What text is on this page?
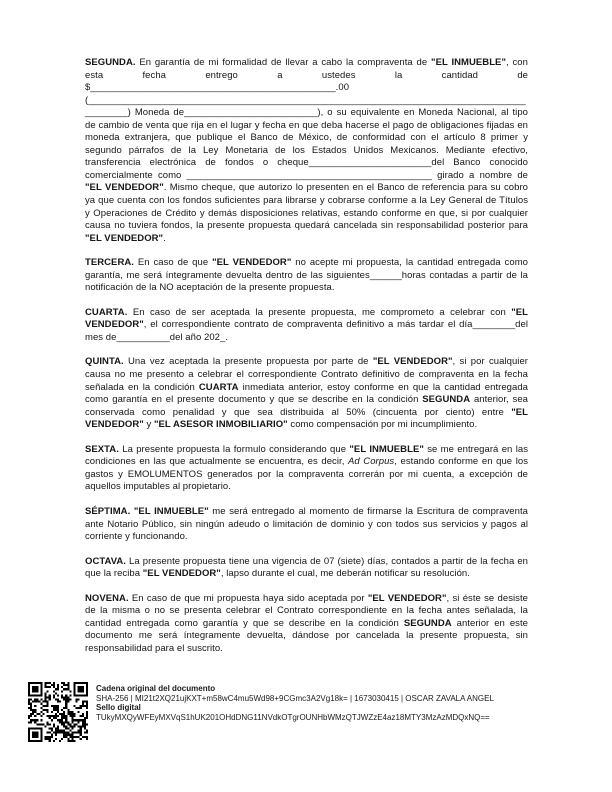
SEGUNDA. En garantía de mi formalidad de llevar a cabo la compraventa de "EL INMUEBLE", con esta fecha entrego a ustedes la cantidad de $______________________________________________.00 (__________________________________________________________________________________________) Moneda de_________________________), o su equivalente en Moneda Nacional, al tipo de cambio de venta que rija en el lugar y fecha en que deba hacerse el pago de obligaciones fijadas en moneda extranjera, que publique el Banco de México, de conformidad con el artículo 8 primer y segundo párrafos de la Ley Monetaria de los Estados Unidos Mexicanos. Mediante efectivo, transferencia electrónica de fondos o cheque_______________________del Banco conocido comercialmente como ______________________________________________ girado a nombre de "EL VENDEDOR". Mismo cheque, que autorizo lo presenten en el Banco de referencia para su cobro ya que cuenta con los fondos suficientes para librarse y cobrarse conforme a la Ley General de Títulos y Operaciones de Crédito y demás disposiciones relativas, estando conforme en que, si por cualquier causa no tuviera fondos, la presente propuesta quedará cancelada sin responsabilidad posterior para "EL VENDEDOR".

TERCERA. En caso de que "EL VENDEDOR" no acepte mi propuesta, la cantidad entregada como garantía, me será íntegramente devuelta dentro de las siguientes______horas contadas a partir de la notificación de la NO aceptación de la presente propuesta.

CUARTA. En caso de ser aceptada la presente propuesta, me comprometo a celebrar con "EL VENDEDOR", el correspondiente contrato de compraventa definitivo a más tardar el día________del mes de__________del año 202_.

QUINTA. Una vez aceptada la presente propuesta por parte de "EL VENDEDOR", si por cualquier causa no me presento a celebrar el correspondiente Contrato definitivo de compraventa en la fecha señalada en la condición CUARTA inmediata anterior, estoy conforme en que la cantidad entregada como garantía en el presente documento y que se describe en la condición SEGUNDA anterior, sea conservada como penalidad y que sea distribuida al 50% (cincuenta por ciento) entre "EL VENDEDOR" y "EL ASESOR INMOBILIARIO" como compensación por mi incumplimiento.

SEXTA. La presente propuesta la formulo considerando que "EL INMUEBLE" se me entregará en las condiciones en las que actualmente se encuentra, es decir, Ad Corpus, estando conforme en que los gastos y EMOLUMENTOS generados por la compraventa correrán por mi cuenta, a excepción de aquellos imputables al propietario.

SÉPTIMA. "EL INMUEBLE" me será entregado al momento de firmarse la Escritura de compraventa ante Notario Público, sin ningún adeudo o limitación de dominio y con todos sus servicios y pagos al corriente y funcionando.

OCTAVA. La presente propuesta tiene una vigencia de 07 (siete) días, contados a partir de la fecha en que la reciba "EL VENDEDOR", lapso durante el cual, me deberán notificar su resolución.

NOVENA. En caso de que mi propuesta haya sido aceptada por "EL VENDEDOR", si éste se desiste de la misma o no se presenta celebrar el Contrato correspondiente en la fecha antes señalada, la cantidad entregada como garantía y que se describe en la condición SEGUNDA anterior en este documento me será íntegramente devuelta, dándose por cancelada la presente propuesta, sin responsabilidad para el suscrito.

Cadena original del documento
SHA-256 | MI21t2XQ21ujKXT+m58wC4mu5Wd98+9CGmc3A2Vg18k= | 1673030415 | OSCAR ZAVALA ANGEL
Sello digital
TUkyMXQyWFEyMXVqS1hUK201OHdDNG11NVdkOTgrOUNHbWMzQTJWZzE4az18MTY3MzAzMDQxNQ==
